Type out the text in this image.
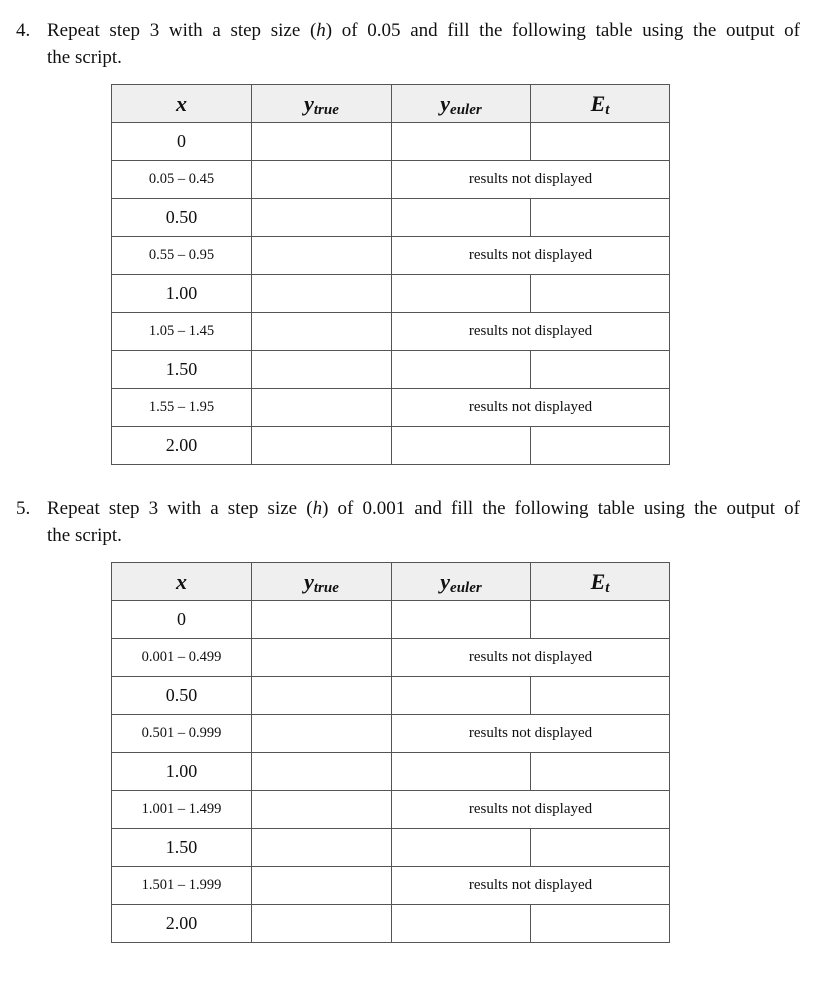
4. Repeat step 3 with a step size (h) of 0.05 and fill the following table using the output of
the script.
x	ytrue	yeuler	Et
0			
0.05 – 0.45		results not displayed	
0.50			
0.55 – 0.95		results not displayed	
1.00			
1.05 – 1.45		results not displayed	
1.50			
1.55 – 1.95		results not displayed	
2.00			
5. Repeat step 3 with a step size (h) of 0.001 and fill the following table using the output of
the script.
x	ytrue	yeuler	Et
0			
0.001 – 0.499		results not displayed	
0.50			
0.501 – 0.999		results not displayed	
1.00			
1.001 – 1.499		results not displayed	
1.50			
1.501 – 1.999		results not displayed	
2.00			
